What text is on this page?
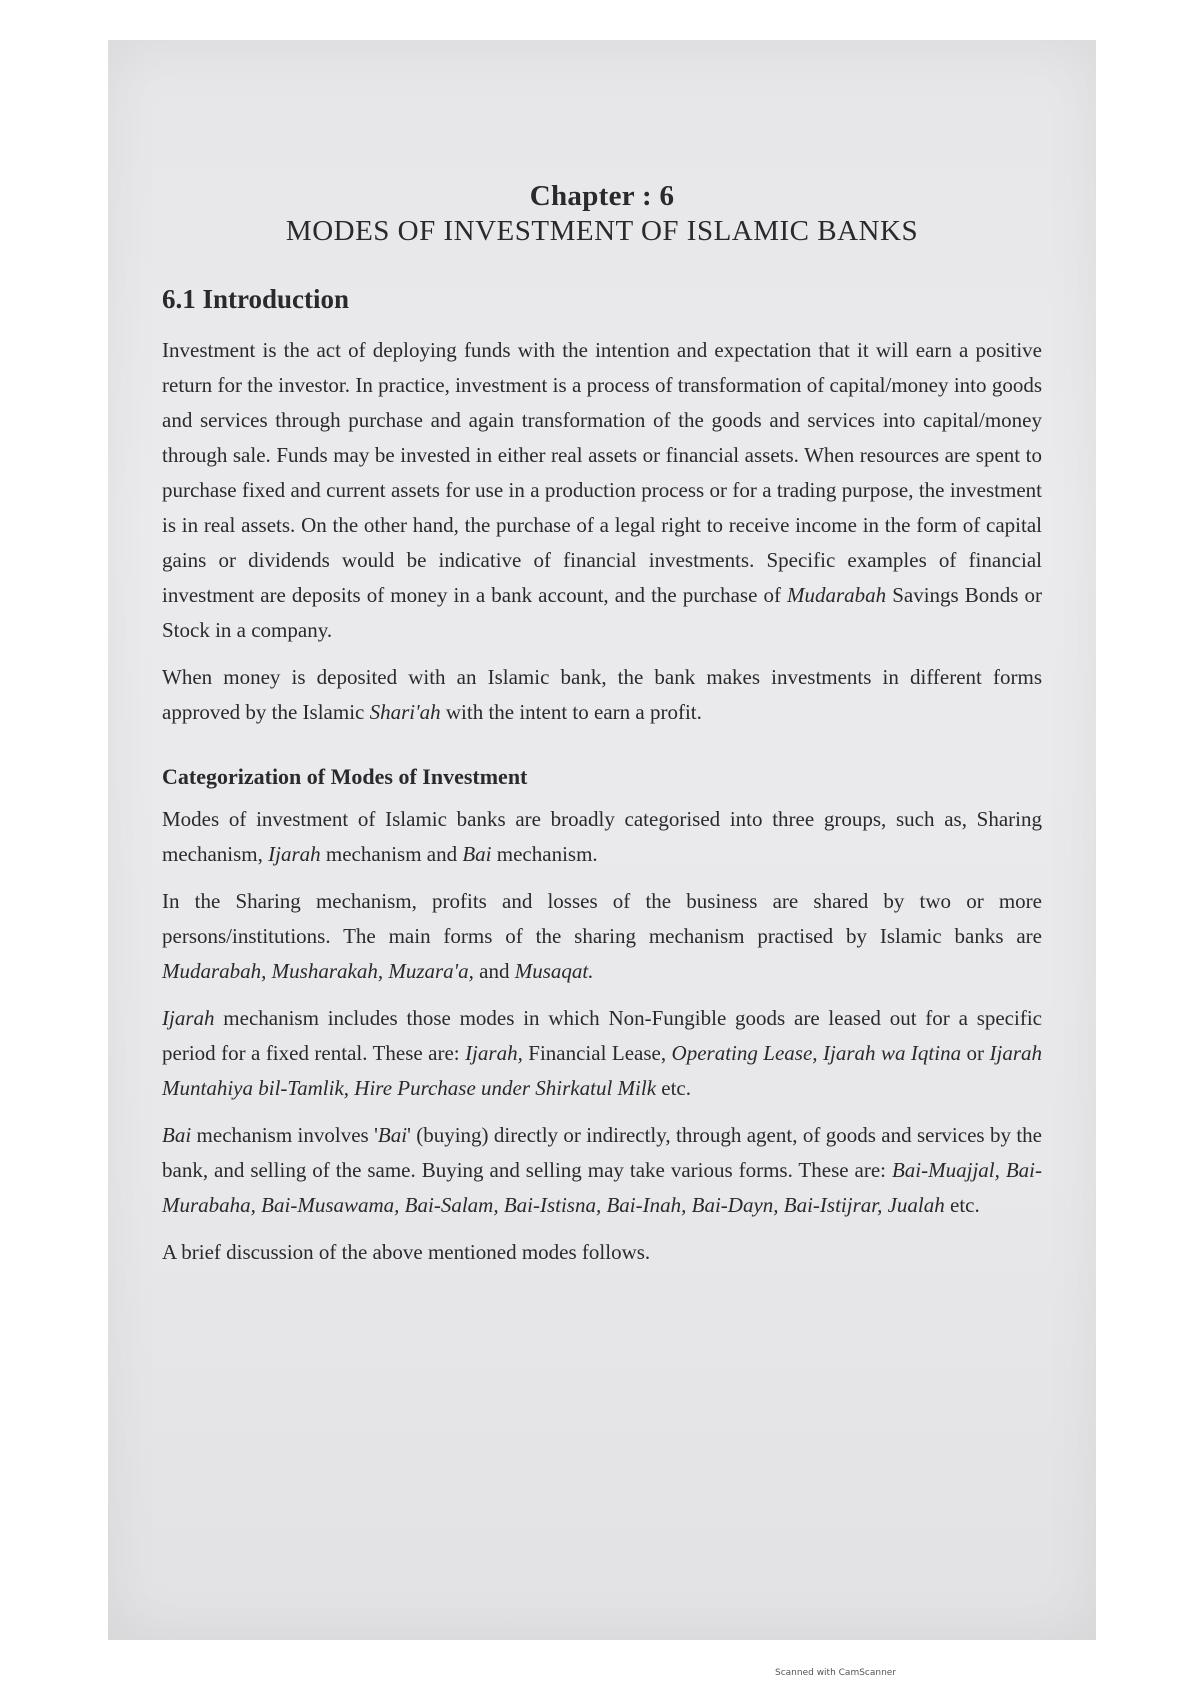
Chapter : 6
MODES OF INVESTMENT OF ISLAMIC BANKS
6.1 Introduction

Investment is the act of deploying funds with the intention and expectation that it will earn a positive return for the investor. In practice, investment is a process of transformation of capital/money into goods and services through purchase and again transformation of the goods and services into capital/money through sale. Funds may be invested in either real assets or financial assets. When resources are spent to purchase fixed and current assets for use in a production process or for a trading purpose, the investment is in real assets. On the other hand, the purchase of a legal right to receive income in the form of capital gains or dividends would be indicative of financial investments. Specific examples of financial investment are deposits of money in a bank account, and the purchase of Mudarabah Savings Bonds or Stock in a company.

When money is deposited with an Islamic bank, the bank makes investments in different forms approved by the Islamic Shari'ah with the intent to earn a profit.

Categorization of Modes of Investment

Modes of investment of Islamic banks are broadly categorised into three groups, such as, Sharing mechanism, Ijarah mechanism and Bai mechanism.

In the Sharing mechanism, profits and losses of the business are shared by two or more persons/institutions. The main forms of the sharing mechanism practised by Islamic banks are Mudarabah, Musharakah, Muzara'a, and Musaqat.

Ijarah mechanism includes those modes in which Non-Fungible goods are leased out for a specific period for a fixed rental. These are: Ijarah, Financial Lease, Operating Lease, Ijarah wa Iqtina or Ijarah Muntahiya bil-Tamlik, Hire Purchase under Shirkatul Milk etc.

Bai mechanism involves 'Bai' (buying) directly or indirectly, through agent, of goods and services by the bank, and selling of the same. Buying and selling may take various forms. These are: Bai-Muajjal, Bai-Murabaha, Bai-Musawama, Bai-Salam, Bai-Istisna, Bai-Inah, Bai-Dayn, Bai-Istijrar, Jualah etc.

A brief discussion of the above mentioned modes follows.

Scanned with CamScanner
